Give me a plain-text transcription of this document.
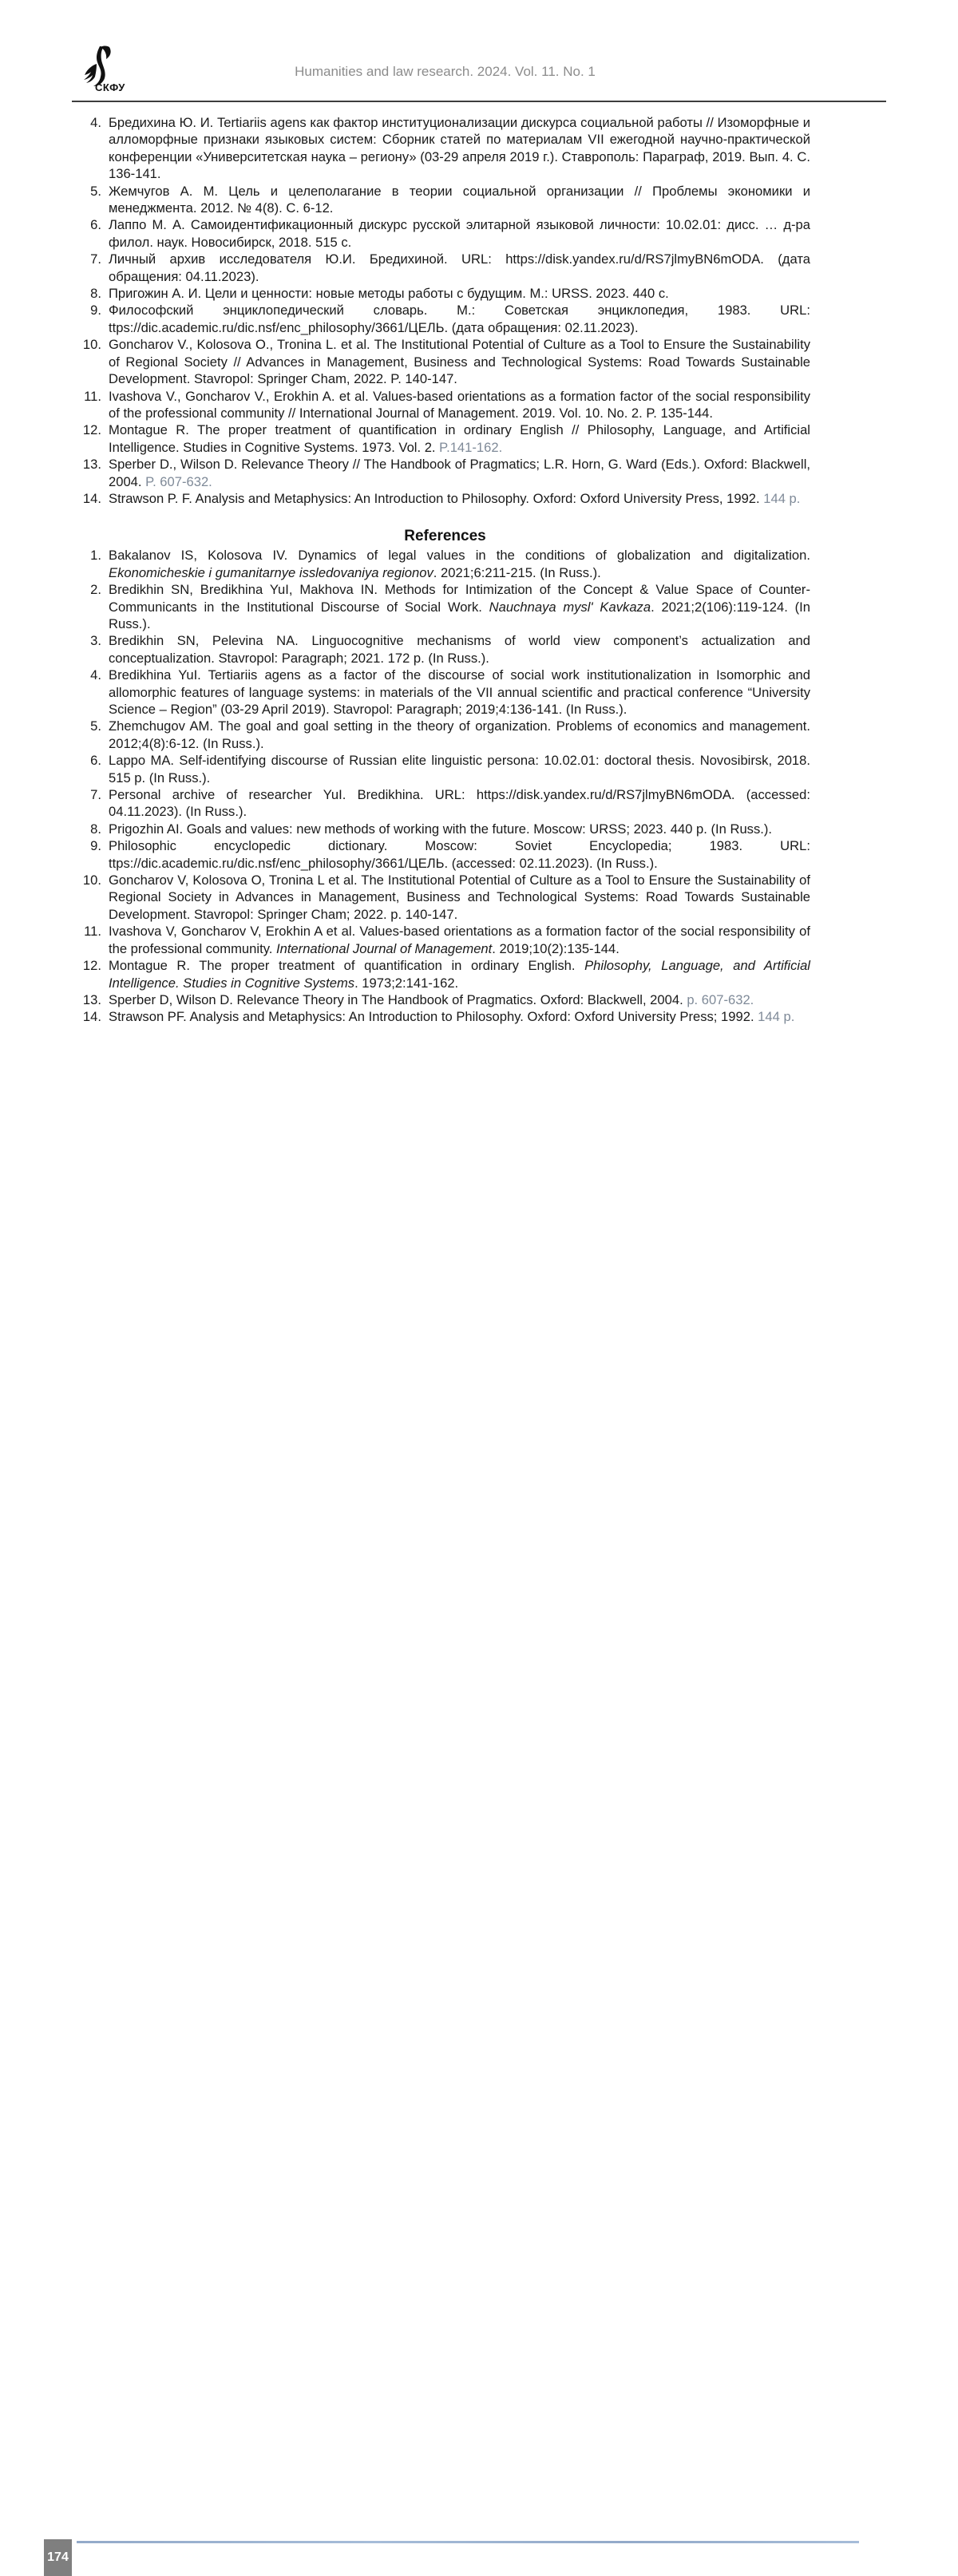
СКФУ
Humanities and law research. 2024. Vol. 11. No. 1
4. Бредихина Ю. И. Tertiariis agens как фактор институционализации дискурса социальной работы // Изоморфные и алломорфные признаки языковых систем: Сборник статей по материалам VII ежегодной научно-практической конференции «Университетская наука – региону» (03-29 апреля 2019 г.). Ставрополь: Параграф, 2019. Вып. 4. С. 136-141.
5. Жемчугов А. М. Цель и целеполагание в теории социальной организации // Проблемы экономики и менеджмента. 2012. № 4(8). С. 6-12.
6. Лаппо М. А. Самоидентификационный дискурс русской элитарной языковой личности: 10.02.01: дисс. … д-ра филол. наук. Новосибирск, 2018. 515 с.
7. Личный архив исследователя Ю.И. Бредихиной. URL: https://disk.yandex.ru/d/RS7jlmyBN6mODA. (дата обращения: 04.11.2023).
8. Пригожин А. И. Цели и ценности: новые методы работы с будущим. М.: URSS. 2023. 440 с.
9. Философский энциклопедический словарь. М.: Советская энциклопедия, 1983. URL: ttps://dic.academic.ru/dic.nsf/enc_philosophy/3661/ЦЕЛЬ. (дата обращения: 02.11.2023).
10. Goncharov V., Kolosova O., Tronina L. et al. The Institutional Potential of Culture as a Tool to Ensure the Sustainability of Regional Society // Advances in Management, Business and Technological Systems: Road Towards Sustainable Development. Stavropol: Springer Cham, 2022. P. 140-147.
11. Ivashova V., Goncharov V., Erokhin A. et al. Values-based orientations as a formation factor of the social responsibility of the professional community // International Journal of Management. 2019. Vol. 10. No. 2. P. 135-144.
12. Montague R. The proper treatment of quantification in ordinary English // Philosophy, Language, and Artificial Intelligence. Studies in Cognitive Systems. 1973. Vol. 2. P.141-162.
13. Sperber D., Wilson D. Relevance Theory // The Handbook of Pragmatics; L.R. Horn, G. Ward (Eds.). Oxford: Blackwell, 2004. P. 607-632.
14. Strawson P. F. Analysis and Metaphysics: An Introduction to Philosophy. Oxford: Oxford University Press, 1992. 144 p.
References
1. Bakalanov IS, Kolosova IV. Dynamics of legal values in the conditions of globalization and digitalization. Ekonomicheskie i gumanitarnye issledovaniya regionov. 2021;6:211-215. (In Russ.).
2. Bredikhin SN, Bredikhina YuI, Makhova IN. Methods for Intimization of the Concept & Value Space of Counter-Communicants in the Institutional Discourse of Social Work. Nauchnaya mysl' Kavkaza. 2021;2(106):119-124. (In Russ.).
3. Bredikhin SN, Pelevina NA. Linguocognitive mechanisms of world view component’s actualization and conceptualization. Stavropol: Paragraph; 2021. 172 p. (In Russ.).
4. Bredikhina YuI. Tertiariis agens as a factor of the discourse of social work institutionalization in Isomorphic and allomorphic features of language systems: in materials of the VII annual scientific and practical conference “University Science – Region” (03-29 April 2019). Stavropol: Paragraph; 2019;4:136-141. (In Russ.).
5. Zhemchugov AM. The goal and goal setting in the theory of organization. Problems of economics and management. 2012;4(8):6-12. (In Russ.).
6. Lappo MA. Self-identifying discourse of Russian elite linguistic persona: 10.02.01: doctoral thesis. Novosibirsk, 2018. 515 p. (In Russ.).
7. Personal archive of researcher YuI. Bredikhina. URL: https://disk.yandex.ru/d/RS7jlmyBN6mODA. (accessed: 04.11.2023). (In Russ.).
8. Prigozhin AI. Goals and values: new methods of working with the future. Moscow: URSS; 2023. 440 p. (In Russ.).
9. Philosophic encyclopedic dictionary. Moscow: Soviet Encyclopedia; 1983. URL: ttps://dic.academic.ru/dic.nsf/enc_philosophy/3661/ЦЕЛЬ. (accessed: 02.11.2023). (In Russ.).
10. Goncharov V, Kolosova O, Tronina L et al. The Institutional Potential of Culture as a Tool to Ensure the Sustainability of Regional Society in Advances in Management, Business and Technological Systems: Road Towards Sustainable Development. Stavropol: Springer Cham; 2022. p. 140-147.
11. Ivashova V, Goncharov V, Erokhin A et al. Values-based orientations as a formation factor of the social responsibility of the professional community. International Journal of Management. 2019;10(2):135-144.
12. Montague R. The proper treatment of quantification in ordinary English. Philosophy, Language, and Artificial Intelligence. Studies in Cognitive Systems. 1973;2:141-162.
13. Sperber D, Wilson D. Relevance Theory in The Handbook of Pragmatics. Oxford: Blackwell, 2004. p. 607-632.
14. Strawson PF. Analysis and Metaphysics: An Introduction to Philosophy. Oxford: Oxford University Press; 1992. 144 p.
174
